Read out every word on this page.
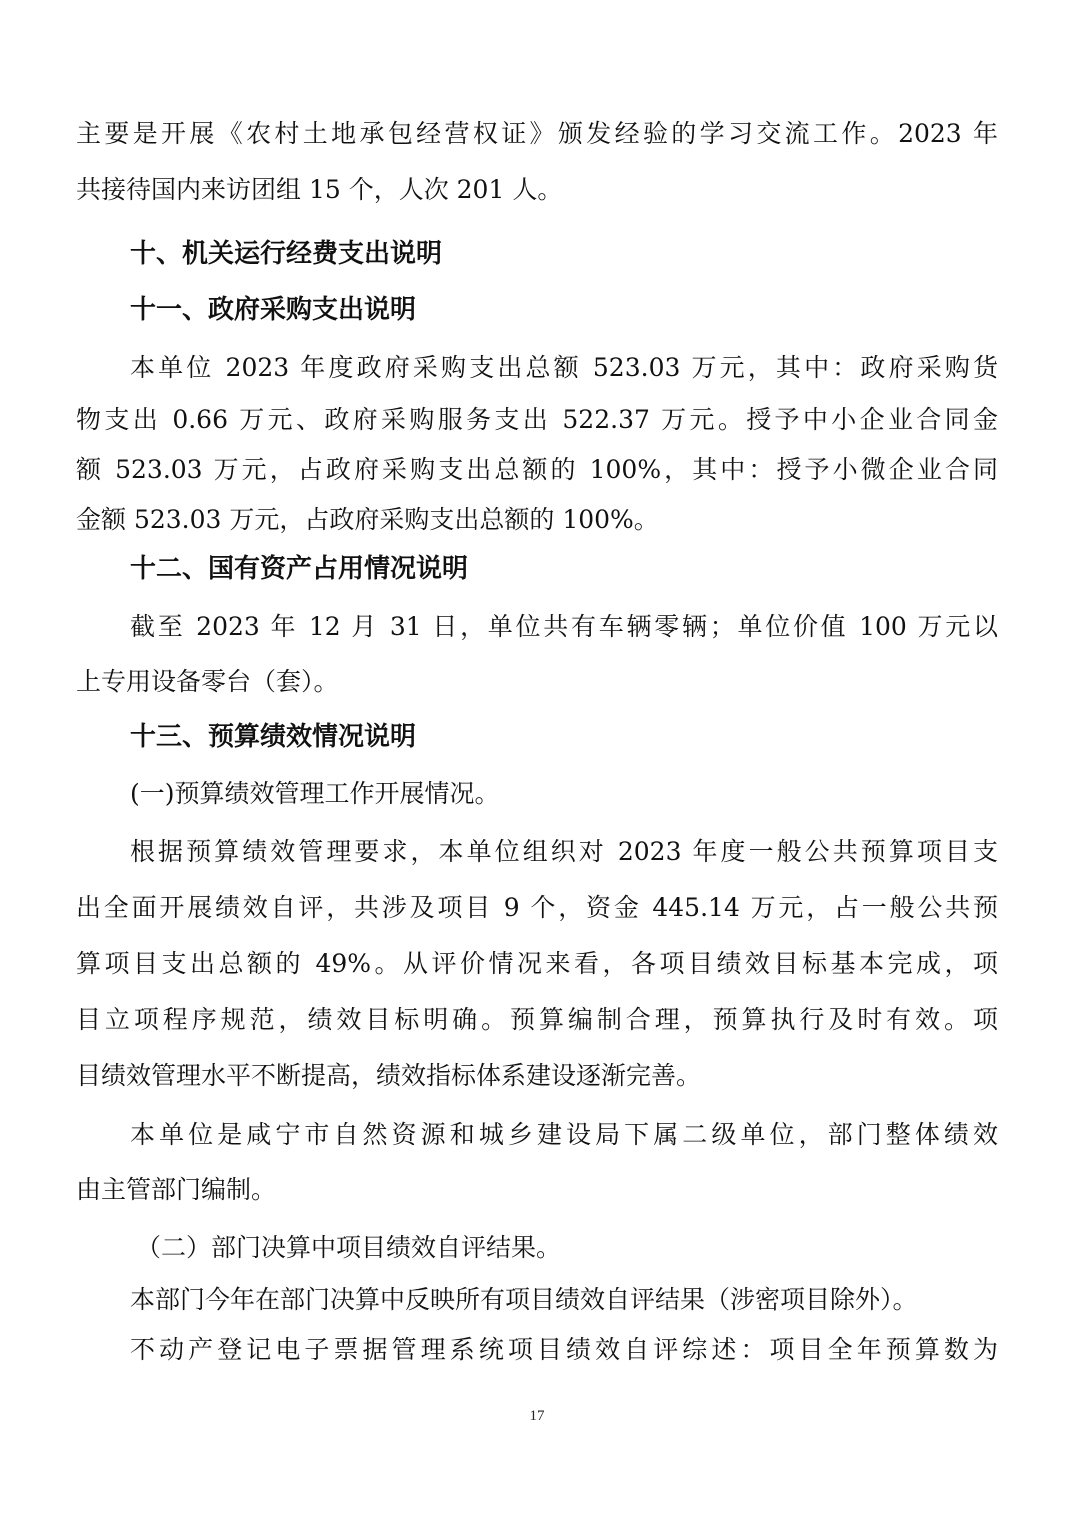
主要是开展《农村土地承包经营权证》颁发经验的学习交流工作。2023 年
共接待国内来访团组 15 个，人次 201 人。
十、机关运行经费支出说明
十一、政府采购支出说明
本单位 2023 年度政府采购支出总额 523.03 万元，其中：政府采购货
物支出 0.66 万元、政府采购服务支出 522.37 万元。授予中小企业合同金
额 523.03 万元，占政府采购支出总额的 100%，其中：授予小微企业合同
金额 523.03 万元，占政府采购支出总额的 100%。
十二、国有资产占用情况说明
截至 2023 年 12 月 31 日，单位共有车辆零辆；单位价值 100 万元以
上专用设备零台（套）。
十三、预算绩效情况说明
(一)预算绩效管理工作开展情况。
根据预算绩效管理要求，本单位组织对 2023 年度一般公共预算项目支
出全面开展绩效自评，共涉及项目 9 个，资金 445.14 万元，占一般公共预
算项目支出总额的 49%。从评价情况来看，各项目绩效目标基本完成，项
目立项程序规范，绩效目标明确。预算编制合理，预算执行及时有效。项
目绩效管理水平不断提高，绩效指标体系建设逐渐完善。
本单位是咸宁市自然资源和城乡建设局下属二级单位，部门整体绩效
由主管部门编制。
（二）部门决算中项目绩效自评结果。
本部门今年在部门决算中反映所有项目绩效自评结果（涉密项目除外）。
不动产登记电子票据管理系统项目绩效自评综述：项目全年预算数为
17
